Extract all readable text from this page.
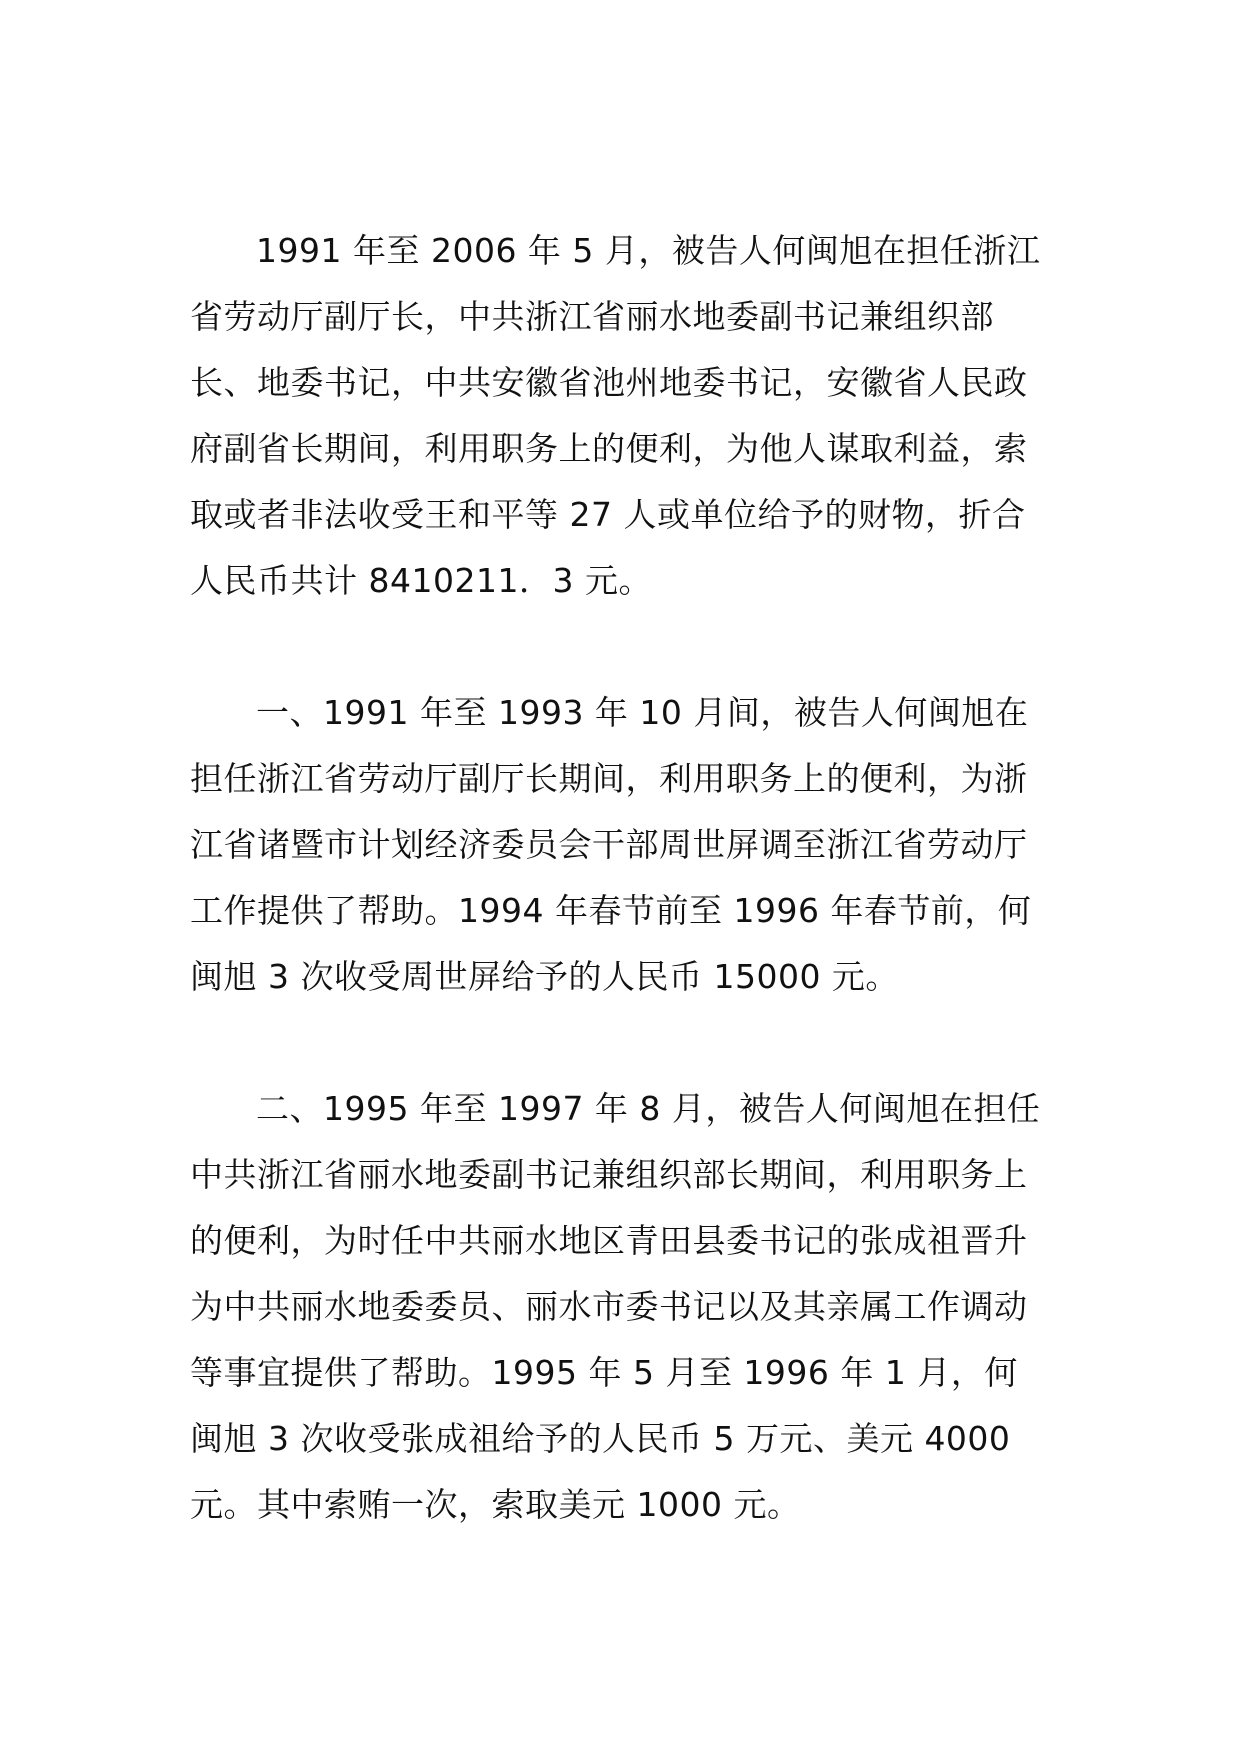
1991 年至 2006 年 5 月，被告人何闽旭在担任浙江省劳动厅副厅长，中共浙江省丽水地委副书记兼组织部长、地委书记，中共安徽省池州地委书记，安徽省人民政府副省长期间，利用职务上的便利，为他人谋取利益，索取或者非法收受王和平等 27 人或单位给予的财物，折合人民币共计 8410211．3 元。

一、1991 年至 1993 年 10 月间，被告人何闽旭在担任浙江省劳动厅副厅长期间，利用职务上的便利，为浙江省诸暨市计划经济委员会干部周世屏调至浙江省劳动厅工作提供了帮助。1994 年春节前至 1996 年春节前，何闽旭 3 次收受周世屏给予的人民币 15000 元。

二、1995 年至 1997 年 8 月，被告人何闽旭在担任中共浙江省丽水地委副书记兼组织部长期间，利用职务上的便利，为时任中共丽水地区青田县委书记的张成祖晋升为中共丽水地委委员、丽水市委书记以及其亲属工作调动等事宜提供了帮助。1995 年 5 月至 1996 年 1 月，何闽旭 3 次收受张成祖给予的人民币 5 万元、美元 4000 元。其中索贿一次，索取美元 1000 元。
